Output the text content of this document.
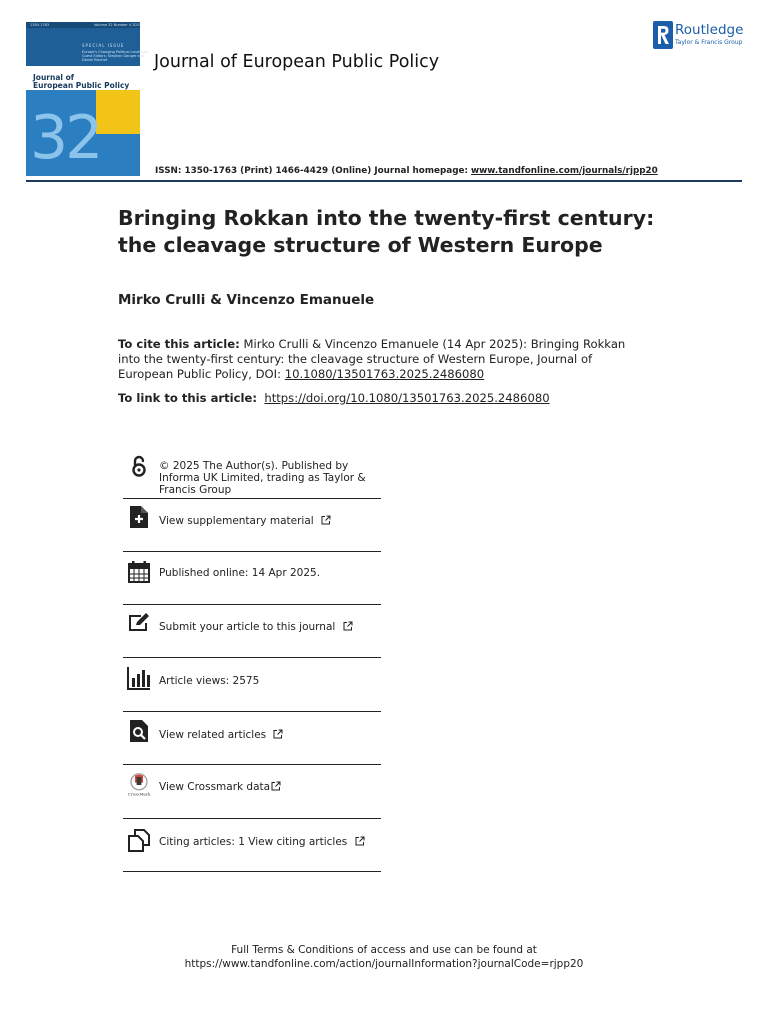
1350-1763	Volume 32 Number 4 2025
SPECIAL ISSUE
Europe's Changing Political Landscape
Guest Editors: Stephan Ganger and
Daniel Bischof
Journal of
European Public Policy
32
Journal of European Public Policy
Routledge
Taylor & Francis Group
ISSN: 1350-1763 (Print) 1466-4429 (Online) Journal homepage: www.tandfonline.com/journals/rjpp20
Bringing Rokkan into the twenty-first century: the cleavage structure of Western Europe
Mirko Crulli & Vincenzo Emanuele
To cite this article: Mirko Crulli & Vincenzo Emanuele (14 Apr 2025): Bringing Rokkan into the twenty-first century: the cleavage structure of Western Europe, Journal of European Public Policy, DOI: 10.1080/13501763.2025.2486080
To link to this article: https://doi.org/10.1080/13501763.2025.2486080
© 2025 The Author(s). Published by Informa UK Limited, trading as Taylor & Francis Group
View supplementary material
Published online: 14 Apr 2025.
Submit your article to this journal
Article views: 2575
View related articles
CrossMark
View Crossmark data
Citing articles: 1 View citing articles
Full Terms & Conditions of access and use can be found at
https://www.tandfonline.com/action/journalInformation?journalCode=rjpp20
